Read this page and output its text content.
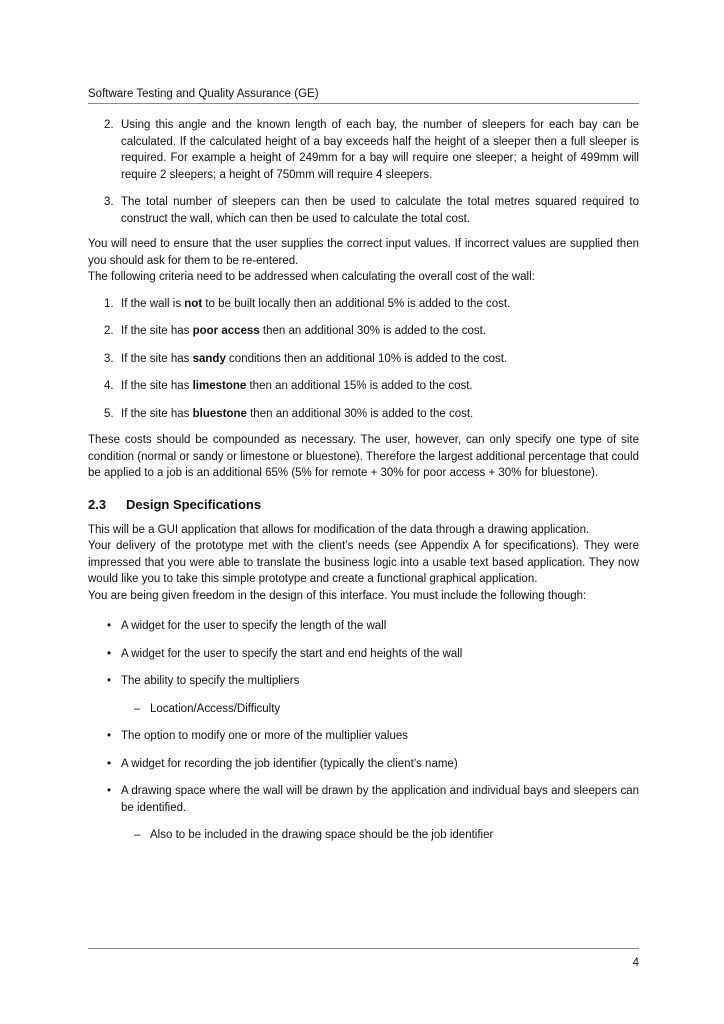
Software Testing and Quality Assurance (GE)
2. Using this angle and the known length of each bay, the number of sleepers for each bay can be calculated. If the calculated height of a bay exceeds half the height of a sleeper then a full sleeper is required. For example a height of 249mm for a bay will require one sleeper; a height of 499mm will require 2 sleepers; a height of 750mm will require 4 sleepers.
3. The total number of sleepers can then be used to calculate the total metres squared required to construct the wall, which can then be used to calculate the total cost.

You will need to ensure that the user supplies the correct input values. If incorrect values are supplied then you should ask for them to be re-entered.

The following criteria need to be addressed when calculating the overall cost of the wall:

1. If the wall is not to be built locally then an additional 5% is added to the cost.
2. If the site has poor access then an additional 30% is added to the cost.
3. If the site has sandy conditions then an additional 10% is added to the cost.
4. If the site has limestone then an additional 15% is added to the cost.
5. If the site has bluestone then an additional 30% is added to the cost.

These costs should be compounded as necessary. The user, however, can only specify one type of site condition (normal or sandy or limestone or bluestone). Therefore the largest additional percentage that could be applied to a job is an additional 65% (5% for remote + 30% for poor access + 30% for bluestone).

2.3 Design Specifications

This will be a GUI application that allows for modification of the data through a drawing application.

Your delivery of the prototype met with the client’s needs (see Appendix A for specifications). They were impressed that you were able to translate the business logic into a usable text based application. They now would like you to take this simple prototype and create a functional graphical application.

You are being given freedom in the design of this interface. You must include the following though:

• A widget for the user to specify the length of the wall
• A widget for the user to specify the start and end heights of the wall
• The ability to specify the multipliers
– Location/Access/Difficulty
• The option to modify one or more of the multiplier values
• A widget for recording the job identifier (typically the client’s name)
• A drawing space where the wall will be drawn by the application and individual bays and sleepers can be identified.
– Also to be included in the drawing space should be the job identifier
4
